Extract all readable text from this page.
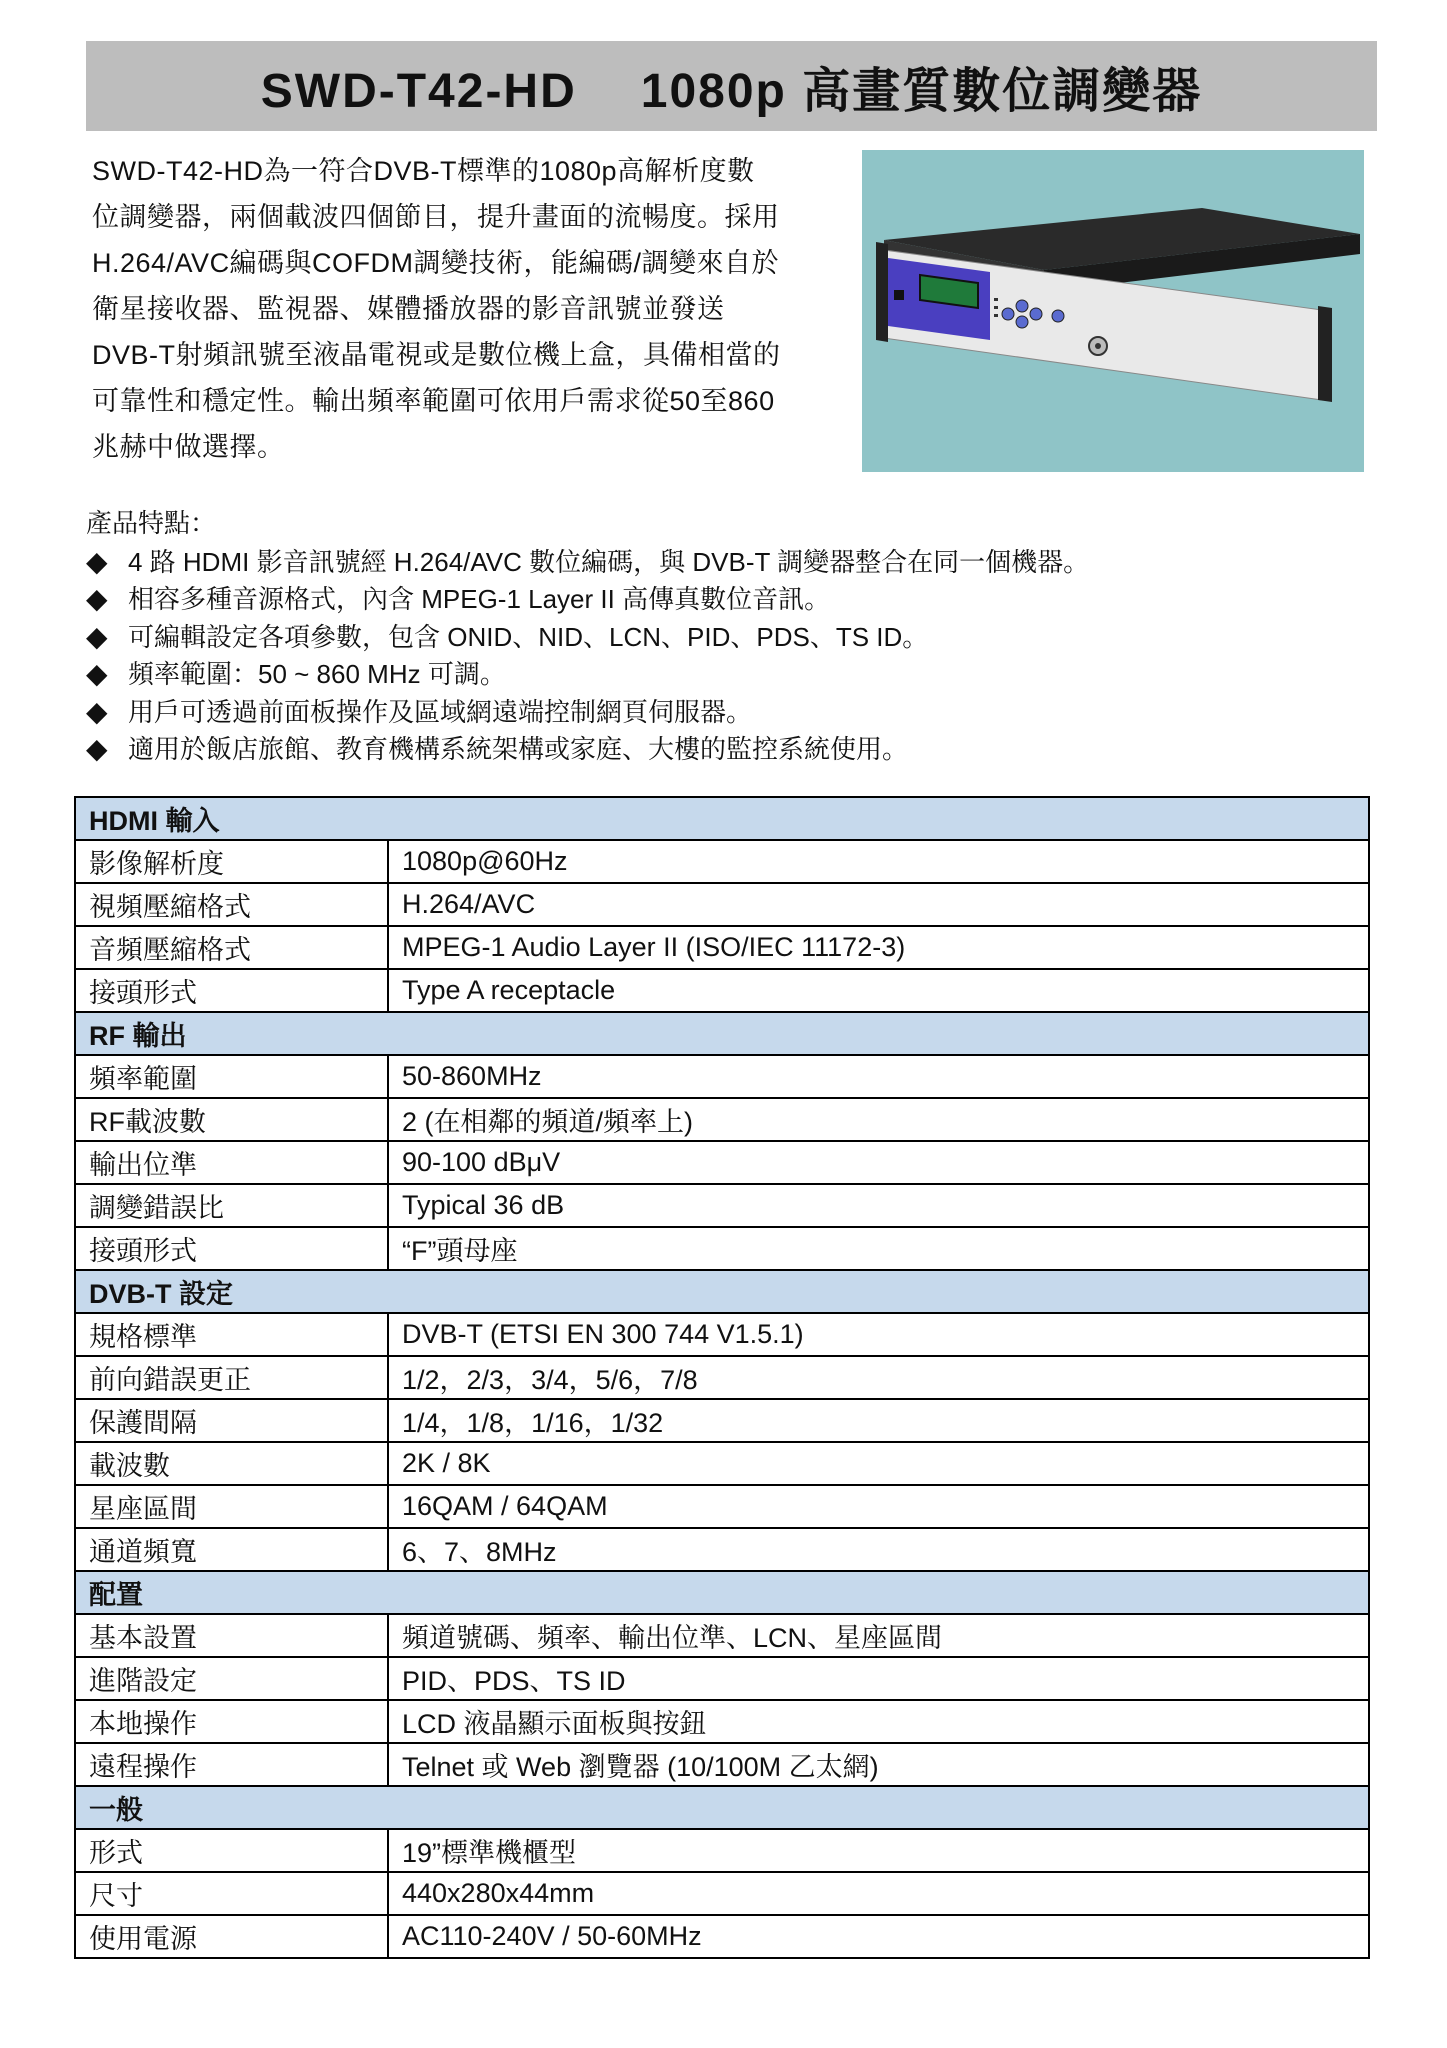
SWD-T42-HD 1080p 高畫質數位調變器
SWD-T42-HD為一符合DVB-T標準的1080p高解析度數
位調變器，兩個載波四個節目，提升畫面的流暢度。採用
H.264/AVC編碼與COFDM調變技術，能編碼/調變來自於
衛星接收器、監視器、媒體播放器的影音訊號並發送
DVB-T射頻訊號至液晶電視或是數位機上盒，具備相當的
可靠性和穩定性。輸出頻率範圍可依用戶需求從50至860
兆赫中做選擇。
產品特點：
◆ 4 路 HDMI 影音訊號經 H.264/AVC 數位編碼，與 DVB-T 調變器整合在同一個機器。
◆ 相容多種音源格式，內含 MPEG-1 Layer II 高傳真數位音訊。
◆ 可編輯設定各項參數，包含 ONID、NID、LCN、PID、PDS、TS ID。
◆ 頻率範圍：50 ~ 860 MHz 可調。
◆ 用戶可透過前面板操作及區域網遠端控制網頁伺服器。
◆ 適用於飯店旅館、教育機構系統架構或家庭、大樓的監控系統使用。
HDMI 輸入	
影像解析度	1080p@60Hz
視頻壓縮格式	H.264/AVC
音頻壓縮格式	MPEG-1 Audio Layer II (ISO/IEC 11172-3)
接頭形式	Type A receptacle
RF 輸出	
頻率範圍	50-860MHz
RF載波數	2 (在相鄰的頻道/頻率上)
輸出位準	90-100 dBμV
調變錯誤比	Typical 36 dB
接頭形式	“F”頭母座
DVB-T 設定	
規格標準	DVB-T (ETSI EN 300 744 V1.5.1)
前向錯誤更正	1/2，2/3，3/4，5/6，7/8
保護間隔	1/4，1/8，1/16，1/32
載波數	2K / 8K
星座區間	16QAM / 64QAM
通道頻寬	6、7、8MHz
配置	
基本設置	頻道號碼、頻率、輸出位準、LCN、星座區間
進階設定	PID、PDS、TS ID
本地操作	LCD 液晶顯示面板與按鈕
遠程操作	Telnet 或 Web 瀏覽器 (10/100M 乙太網)
一般	
形式	19”標準機櫃型
尺寸	440x280x44mm
使用電源	AC110-240V / 50-60MHz
